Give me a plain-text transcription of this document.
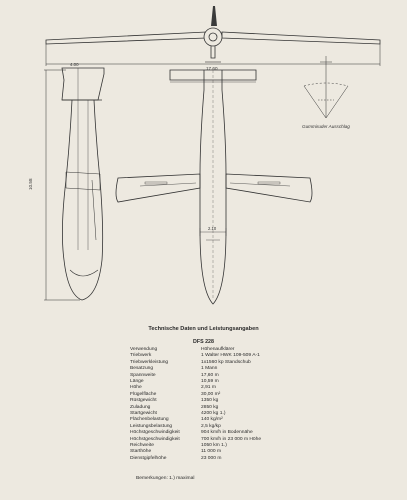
17.60
10.58
4.00
2.10
Gummiruder Ausschlag
Technische Daten und Leistungsangaben
DFS 228
Verwendung	Höhenaufklärer
Triebwerk	1 Walter HWK 109-509 A-1
Triebwerkleistung	1x1560 kp Standschub
Besatzung	1 Mann
Spannweite	17,60 m
Länge	10,59 m
Höhe	2,91 m
Flügelfläche	30,00 m²
Rüstgewicht	1350 kg
Zuladung	2850 kg
Startgewicht	4200 kg 1.)
Flächenbelastung	140 kg/m²
Leistungsbelastung	2,5 kg/kp
Höchstgeschwindigkeit	904 km/h in Bodennähe
Höchstgeschwindigkeit	700 km/h in 23 000 m Höhe
Reichweite	1050 km 1.)
Starthöhe	11 000 m
Dienstgipfelhöhe	23 000 m
Bemerkungen: 1.) maximal
